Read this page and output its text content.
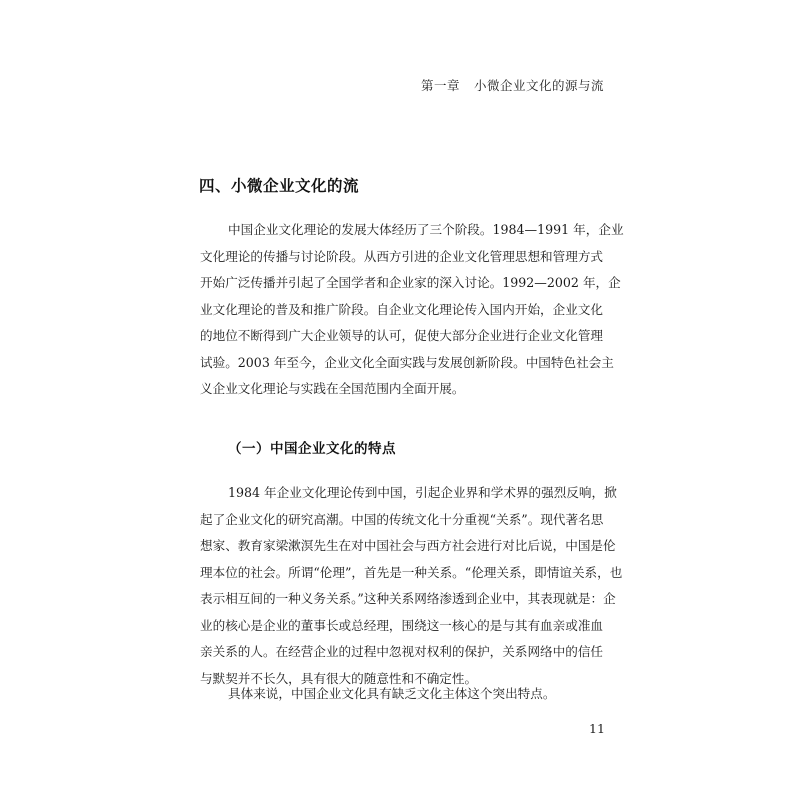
第一章 小微企业文化的源与流
四、小微企业文化的流
中国企业文化理论的发展大体经历了三个阶段。1984—1991 年，企业
文化理论的传播与讨论阶段。从西方引进的企业文化管理思想和管理方式
开始广泛传播并引起了全国学者和企业家的深入讨论。1992—2002 年，企
业文化理论的普及和推广阶段。自企业文化理论传入国内开始，企业文化
的地位不断得到广大企业领导的认可，促使大部分企业进行企业文化管理
试验。2003 年至今，企业文化全面实践与发展创新阶段。中国特色社会主
义企业文化理论与实践在全国范围内全面开展。
（一）中国企业文化的特点
1984 年企业文化理论传到中国，引起企业界和学术界的强烈反响，掀
起了企业文化的研究高潮。中国的传统文化十分重视“关系”。现代著名思
想家、教育家梁漱溟先生在对中国社会与西方社会进行对比后说，中国是伦
理本位的社会。所谓“伦理”，首先是一种关系。“伦理关系，即情谊关系，也
表示相互间的一种义务关系。”这种关系网络渗透到企业中，其表现就是：企
业的核心是企业的董事长或总经理，围绕这一核心的是与其有血亲或准血
亲关系的人。在经营企业的过程中忽视对权利的保护，关系网络中的信任
与默契并不长久，具有很大的随意性和不确定性。
具体来说，中国企业文化具有缺乏文化主体这个突出特点。
11
